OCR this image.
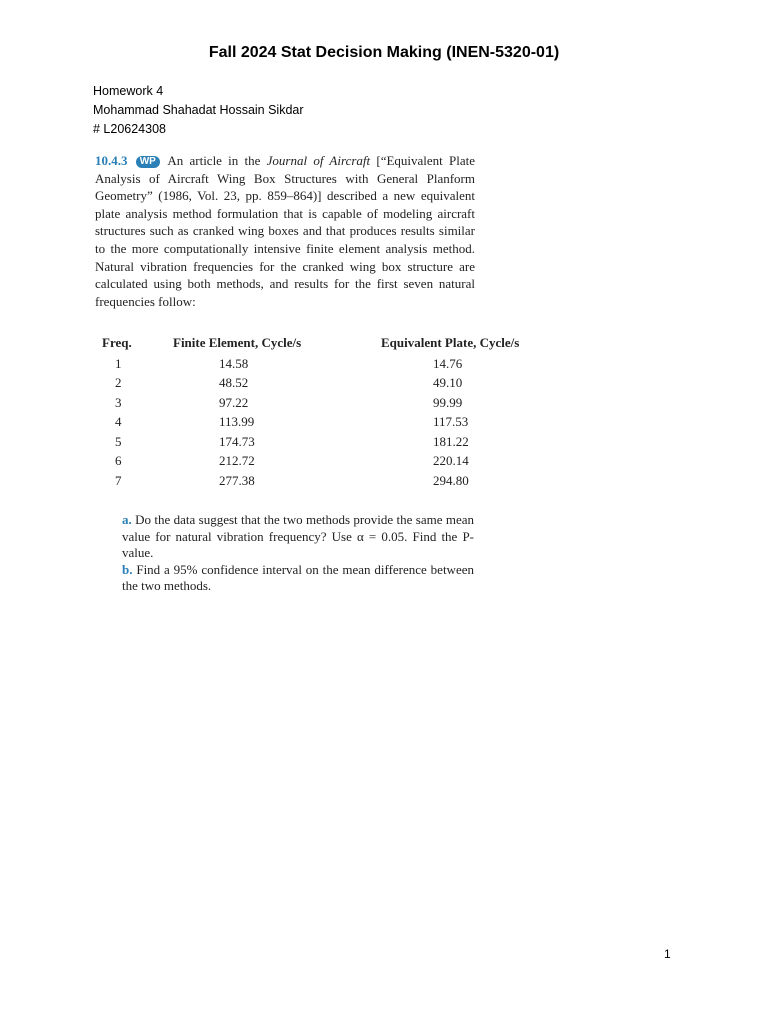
Fall 2024 Stat Decision Making (INEN-5320-01)
Homework 4
Mohammad Shahadat Hossain Sikdar
# L20624308
10.4.3 WP An article in the Journal of Aircraft [“Equivalent Plate Analysis of Aircraft Wing Box Structures with General Planform Geometry” (1986, Vol. 23, pp. 859–864)] described a new equivalent plate analysis method formulation that is capable of modeling aircraft structures such as cranked wing boxes and that produces results similar to the more computationally intensive finite element analysis method. Natural vibration frequencies for the cranked wing box structure are calculated using both methods, and results for the first seven natural frequencies follow:
Freq.	Finite Element, Cycle/s	Equivalent Plate, Cycle/s
1	14.58	14.76
2	48.52	49.10
3	97.22	99.99
4	113.99	117.53
5	174.73	181.22
6	212.72	220.14
7	277.38	294.80
a. Do the data suggest that the two methods provide the same mean value for natural vibration frequency? Use α = 0.05. Find the P-value.
b. Find a 95% confidence interval on the mean difference between the two methods.
1
